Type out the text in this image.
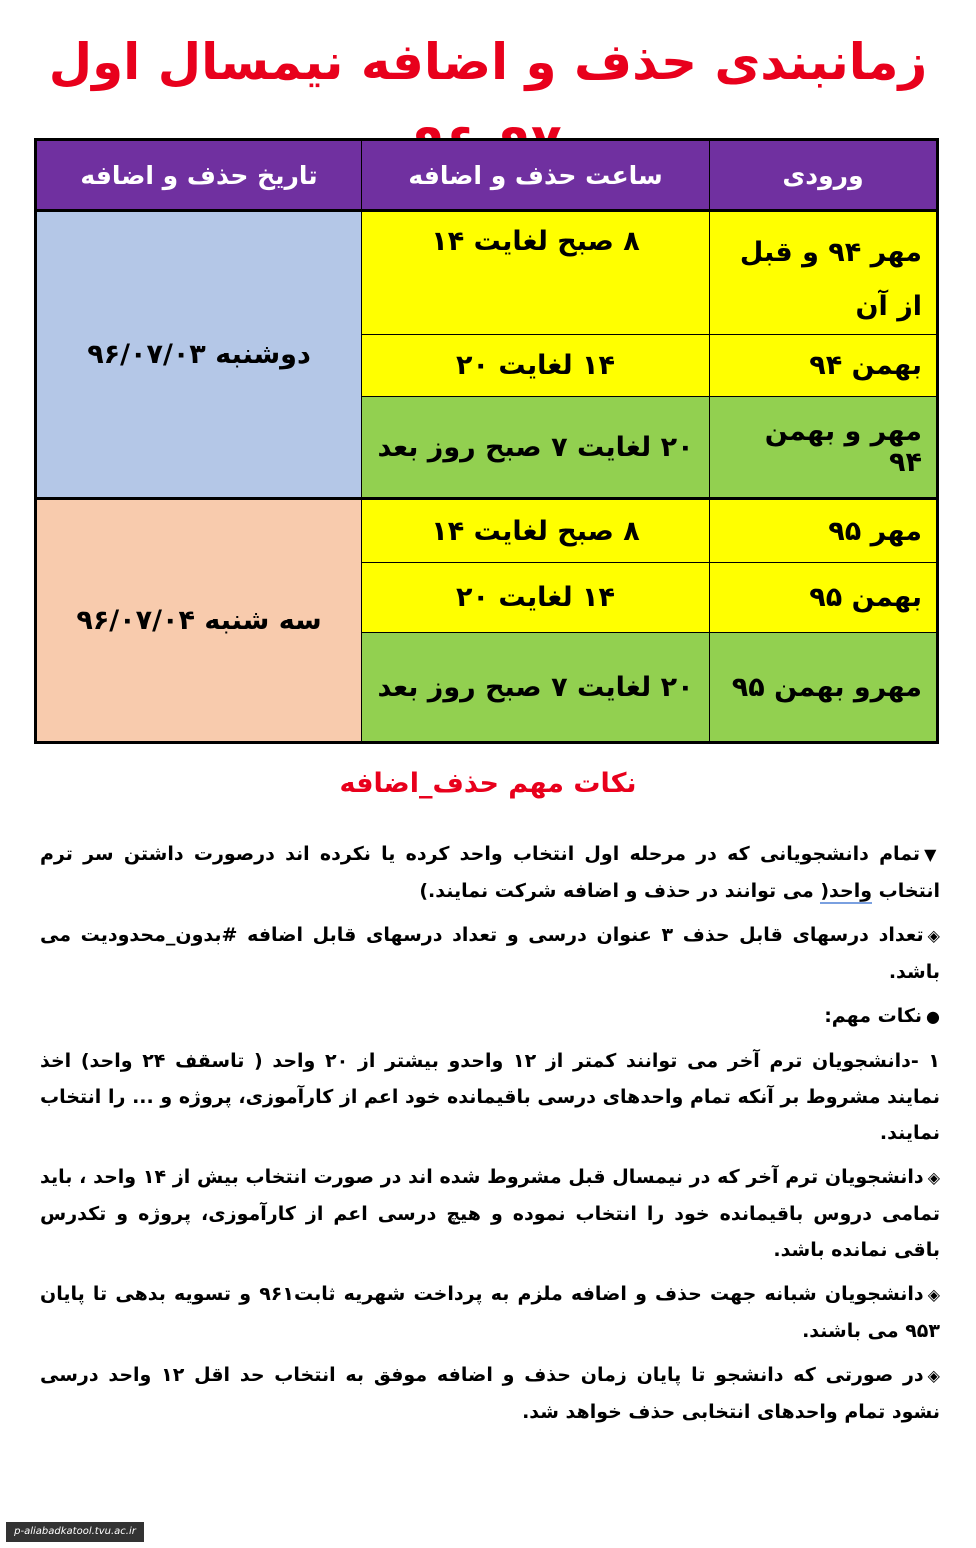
زمانبندی حذف و اضافه نیمسال اول
ورودی	ساعت حذف و اضافه	تاریخ حذف و اضافه
مهر ۹۴ و قبل از آن	۸ صبح لغایت ۱۴	دوشنبه ۹۶/۰۷/۰۳
بهمن ۹۴	۱۴ لغایت ۲۰	
مهر و بهمن ۹۴	۲۰ لغایت ۷ صبح روز بعد	
مهر ۹۵	۸ صبح لغایت ۱۴	سه شنبه ۹۶/۰۷/۰۴
بهمن ۹۵	۱۴ لغایت ۲۰	
مهرو بهمن ۹۵	۲۰ لغایت ۷ صبح روز بعد	
نکات مهم حذف_اضافه

▼تمام دانشجویانی که در مرحله اول انتخاب واحد کرده یا نکرده اند درصورت داشتن سر ترم انتخاب واحد( می توانند در حذف و اضافه شرکت نمایند.)

◈تعداد درسهای قابل حذف ۳ عنوان درسی و تعداد درسهای قابل اضافه #بدون_محدودیت می باشد.

●نکات مهم:

۱ -دانشجویان ترم آخر می توانند کمتر از ۱۲ واحدو بیشتر از ۲۰ واحد ( تاسقف ۲۴ واحد) اخذ نمایند مشروط بر آنکه تمام واحدهای درسی باقیمانده خود اعم از کارآموزی، پروژه و ... را انتخاب نمایند.

◈دانشجویان ترم آخر که در نیمسال قبل مشروط شده اند در صورت انتخاب بیش از ۱۴ واحد ، باید تمامی دروس باقیمانده خود را انتخاب نموده و هیچ درسی اعم از کارآموزی، پروژه و تکدرس باقی نمانده باشد.

◈دانشجویان شبانه جهت حذف و اضافه ملزم به پرداخت شهریه ثابت۹۶۱ و تسویه بدهی تا پایان ۹۵۳ می باشند.

◈در صورتی که دانشجو تا پایان زمان حذف و اضافه موفق به انتخاب حد اقل ۱۲ واحد درسی نشود تمام واحدهای انتخابی حذف خواهد شد.

p-aliabadkatool.tvu.ac.ir
